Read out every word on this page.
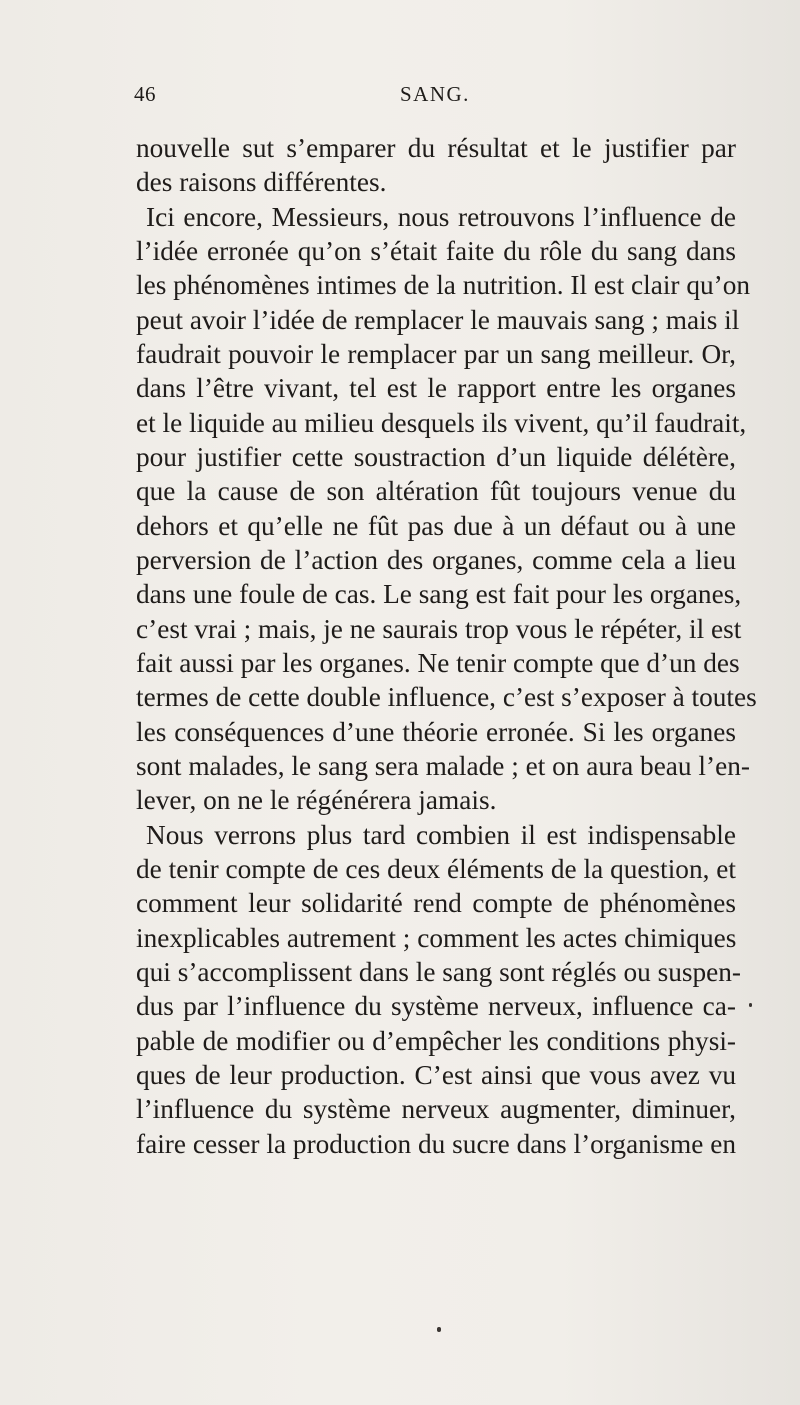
46	SANG.
nouvelle sut s’emparer du résultat et le justifier par
des raisons différentes.
Ici encore, Messieurs, nous retrouvons l’influence de
l’idée erronée qu’on s’était faite du rôle du sang dans
les phénomènes intimes de la nutrition. Il est clair qu’on
peut avoir l’idée de remplacer le mauvais sang ; mais il
faudrait pouvoir le remplacer par un sang meilleur. Or,
dans l’être vivant, tel est le rapport entre les organes
et le liquide au milieu desquels ils vivent, qu’il faudrait,
pour justifier cette soustraction d’un liquide délétère,
que la cause de son altération fût toujours venue du
dehors et qu’elle ne fût pas due à un défaut ou à une
perversion de l’action des organes, comme cela a lieu
dans une foule de cas. Le sang est fait pour les organes,
c’est vrai ; mais, je ne saurais trop vous le répéter, il est
fait aussi par les organes. Ne tenir compte que d’un des
termes de cette double influence, c’est s’exposer à toutes
les conséquences d’une théorie erronée. Si les organes
sont malades, le sang sera malade ; et on aura beau l’en-
lever, on ne le régénérera jamais.
Nous verrons plus tard combien il est indispensable
de tenir compte de ces deux éléments de la question, et
comment leur solidarité rend compte de phénomènes
inexplicables autrement ; comment les actes chimiques
qui s’accomplissent dans le sang sont réglés ou suspen-
dus par l’influence du système nerveux, influence ca-
pable de modifier ou d’empêcher les conditions physi-
ques de leur production. C’est ainsi que vous avez vu
l’influence du système nerveux augmenter, diminuer,
faire cesser la production du sucre dans l’organisme en
